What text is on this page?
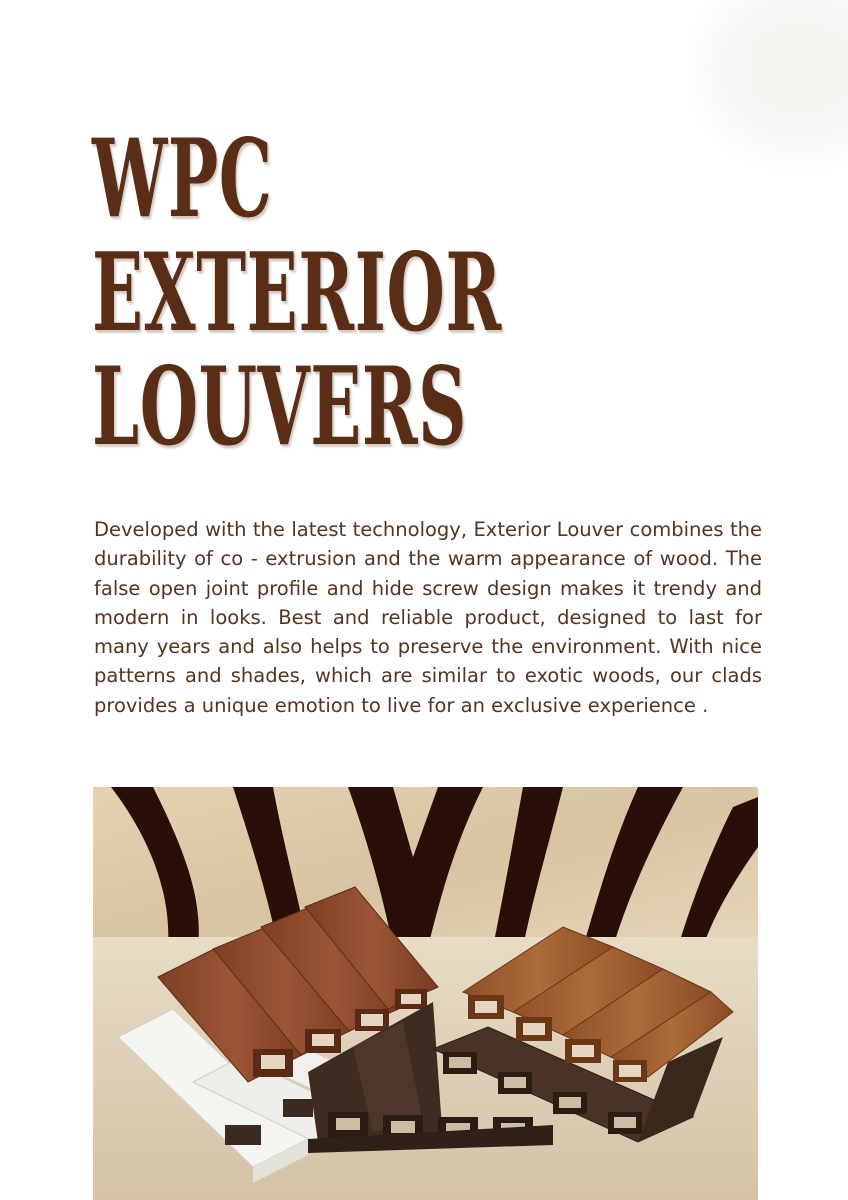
WPC
EXTERIOR
LOUVERS

Developed with the latest technology, Exterior Louver combines the durability of co - extrusion and the warm appearance of wood. The false open joint profile and hide screw design makes it trendy and modern in looks. Best and reliable product, designed to last for many years and also helps to preserve the environment. With nice patterns and shades, which are similar to exotic woods, our clads provides a unique emotion to live for an exclusive experience .
